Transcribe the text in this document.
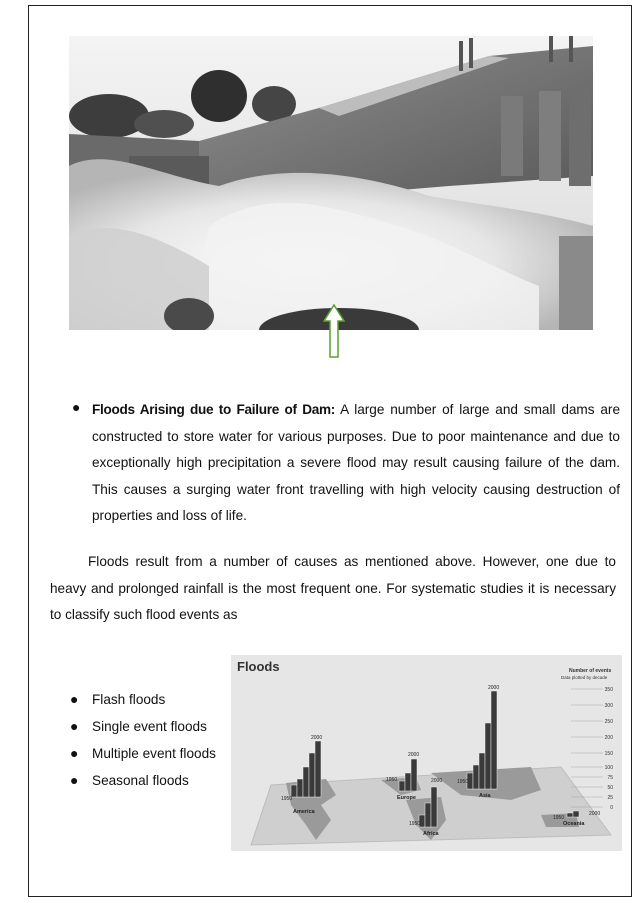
● Floods Arising due to Failure of Dam: A large number of large and small dams are constructed to store water for various purposes. Due to poor maintenance and due to exceptionally high precipitation a severe flood may result causing failure of the dam. This causes a surging water front travelling with high velocity causing destruction of properties and loss of life.
Floods result from a number of causes as mentioned above. However, one due to heavy and prolonged rainfall is the most frequent one. For systematic studies it is necessary to classify such flood events as
● Flash floods
● Single event floods
● Multiple event floods
● Seasonal floods
Floods	Number of events
Data plotted by decade
350
300
250
200
150
100
75
50
25
0
2000
2000
2000
2000
1950
1950
1950
1950
1950
2000
America
Europe	Asia
Africa
Oceania
